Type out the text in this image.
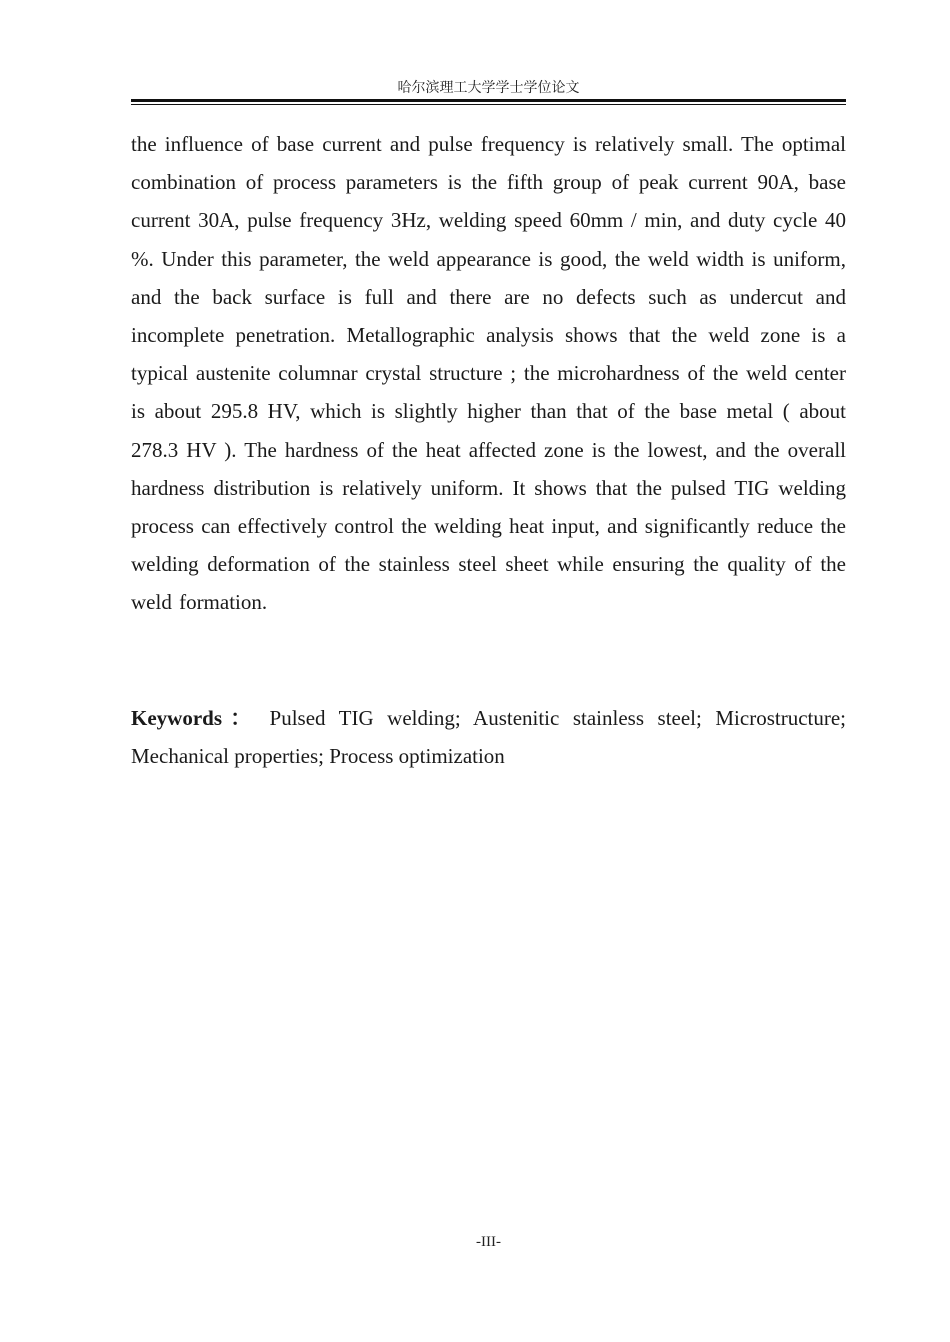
哈尔滨理工大学学士学位论文

the influence of base current and pulse frequency is relatively small. The optimal combination of process parameters is the fifth group of peak current 90A, base current 30A, pulse frequency 3Hz, welding speed 60mm / min, and duty cycle 40 %. Under this parameter, the weld appearance is good, the weld width is uniform, and the back surface is full and there are no defects such as undercut and incomplete penetration. Metallographic analysis shows that the weld zone is a typical austenite columnar crystal structure ; the microhardness of the weld center is about 295.8 HV, which is slightly higher than that of the base metal ( about 278.3 HV ). The hardness of the heat affected zone is the lowest, and the overall hardness distribution is relatively uniform. It shows that the pulsed TIG welding process can effectively control the welding heat input, and significantly reduce the welding deformation of the stainless steel sheet while ensuring the quality of the weld formation.

Keywords： Pulsed TIG welding; Austenitic stainless steel; Microstructure; Mechanical properties; Process optimization

-III-
